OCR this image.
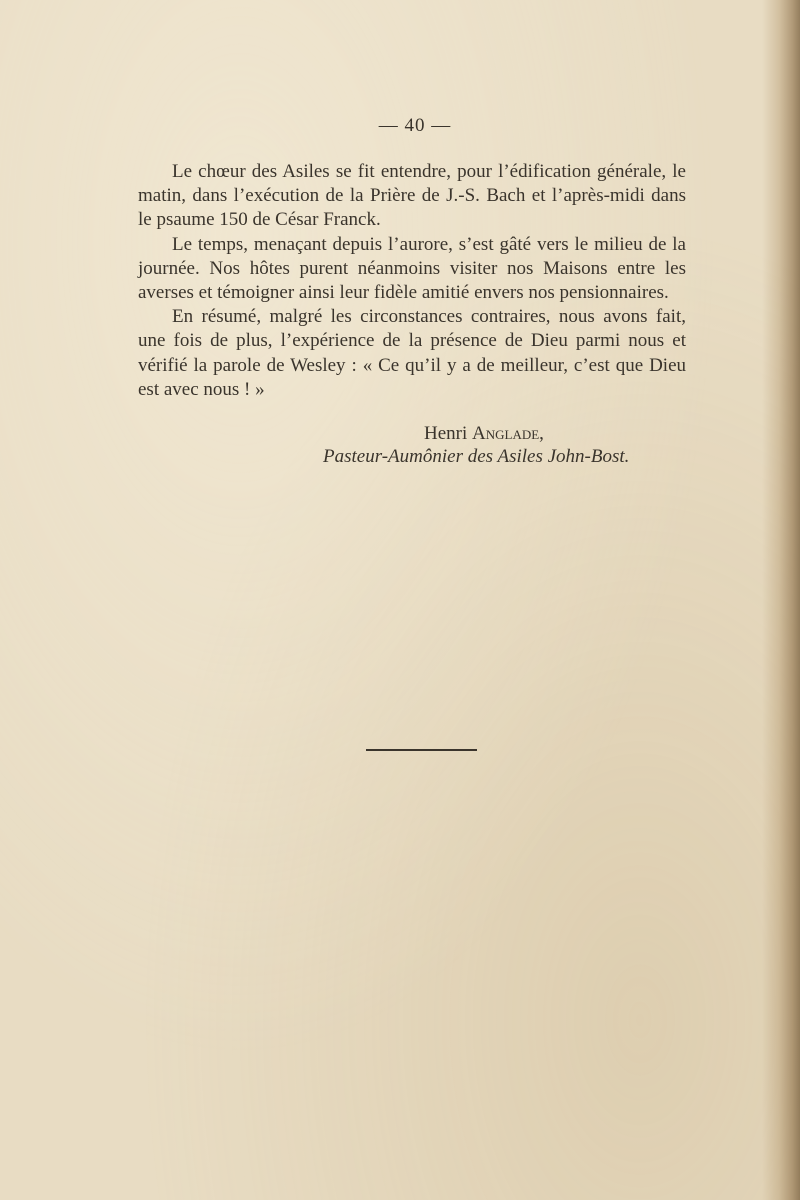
— 40 —

Le chœur des Asiles se fit entendre, pour l’édification générale, le matin, dans l’exécution de la Prière de J.-S. Bach et l’après-midi dans le psaume 150 de César Franck.

Le temps, menaçant depuis l’aurore, s’est gâté vers le milieu de la journée. Nos hôtes purent néanmoins visiter nos Maisons entre les averses et témoigner ainsi leur fidèle amitié envers nos pensionnaires.

En résumé, malgré les circonstances contraires, nous avons fait, une fois de plus, l’expérience de la présence de Dieu parmi nous et vérifié la parole de Wesley : « Ce qu’il y a de meilleur, c’est que Dieu est avec nous ! »

Henri Anglade,
Pasteur-Aumônier des Asiles John-Bost.
